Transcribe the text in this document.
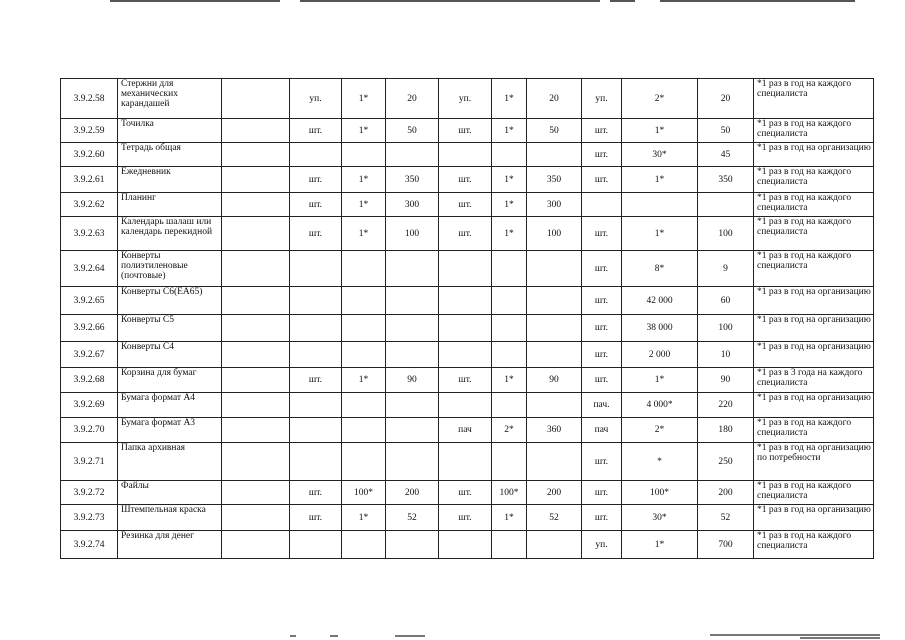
3.9.2.58	Стержни для механических карандашей		уп.	1*	20	уп.	1*	20	уп.	2*	20	*1 раз в год на каждого специалиста
3.9.2.59	Точилка		шт.	1*	50	шт.	1*	50	шт.	1*	50	*1 раз в год на каждого специалиста
3.9.2.60	Тетрадь общая								шт.	30*	45	*1 раз в год на организацию
3.9.2.61	Ежедневник		шт.	1*	350	шт.	1*	350	шт.	1*	350	*1 раз в год на каждого специалиста
3.9.2.62	Планинг		шт.	1*	300	шт.	1*	300				*1 раз в год на каждого специалиста
3.9.2.63	Календарь шалаш или календарь перекидной		шт.	1*	100	шт.	1*	100	шт.	1*	100	*1 раз в год на каждого специалиста
3.9.2.64	Конверты полиэтиленовые (почтовые)								шт.	8*	9	*1 раз в год на каждого специалиста
3.9.2.65	Конверты С6(ЕА65)								шт.	42 000	60	*1 раз в год на организацию
3.9.2.66	Конверты С5								шт.	38 000	100	*1 раз в год на организацию
3.9.2.67	Конверты С4								шт.	2 000	10	*1 раз в год на организацию
3.9.2.68	Корзина для бумаг		шт.	1*	90	шт.	1*	90	шт.	1*	90	*1 раз в 3 года на каждого специалиста
3.9.2.69	Бумага формат А4								пач.	4 000*	220	*1 раз в год на организацию
3.9.2.70	Бумага формат А3					пач	2*	360	пач	2*	180	*1 раз в год на каждого специалиста
3.9.2.71	Папка архивная								шт.	*	250	*1 раз в год на организацию по потребности
3.9.2.72	Файлы		шт.	100*	200	шт.	100*	200	шт.	100*	200	*1 раз в год на каждого специалиста
3.9.2.73	Штемпельная краска		шт.	1*	52	шт.	1*	52	шт.	30*	52	*1 раз в год на организацию
3.9.2.74	Резинка для денег								уп.	1*	700	*1 раз в год на каждого специалиста
